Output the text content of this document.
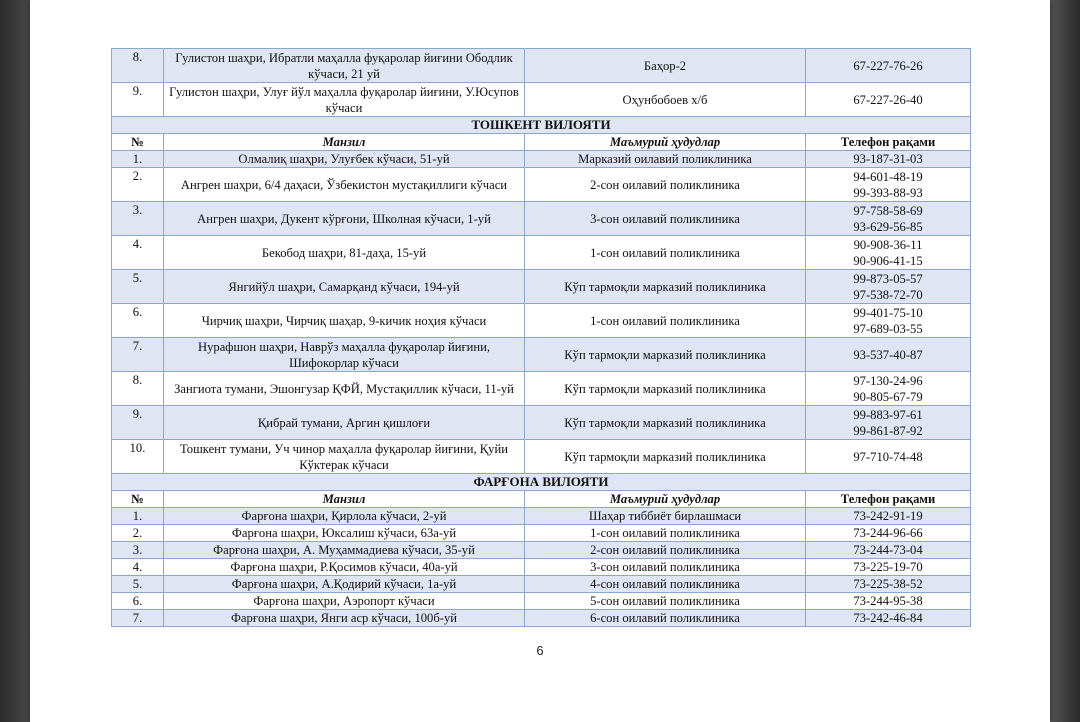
8.	Гулистон шаҳри, Ибратли маҳалла фуқаролар йиғини Ободлик кўчаси, 21 уй	Баҳор-2	67-227-76-26
9.	Гулистон шаҳри, Улуғ йўл маҳалла фуқаролар йиғини, У.Юсупов кўчаси	Оҳунбобоев х/б	67-227-26-40
ТОШКЕНТ ВИЛОЯТИ			
№	Манзил	Маъмурий ҳудудлар	Телефон рақами
1.	Олмалиқ шаҳри, Улуғбек кўчаси, 51-уй	Марказий оилавий поликлиника	93-187-31-03
2.	Ангрен шаҳри, 6/4 даҳаси, Ўзбекистон мустақиллиги кўчаси	2-сон оилавий поликлиника	94-601-48-19
99-393-88-93
3.	Ангрен шаҳри, Дукент кўрғони, Школная кўчаси, 1-уй	3-сон оилавий поликлиника	97-758-58-69
93-629-56-85
4.	Бекобод шаҳри, 81-даҳа, 15-уй	1-сон оилавий поликлиника	90-908-36-11
90-906-41-15
5.	Янгийўл шаҳри, Самарқанд кўчаси, 194-уй	Кўп тармоқли марказий поликлиника	99-873-05-57
97-538-72-70
6.	Чирчиқ шаҳри, Чирчиқ шаҳар, 9-кичик ноҳия кўчаси	1-сон оилавий поликлиника	99-401-75-10
97-689-03-55
7.	Нурафшон шаҳри, Наврўз маҳалла фуқаролар йиғини, Шифокорлар кўчаси	Кўп тармоқли марказий поликлиника	93-537-40-87
8.	Зангиота тумани, Эшонгузар ҚФЙ, Мустақиллик кўчаси, 11-уй	Кўп тармоқли марказий поликлиника	97-130-24-96
90-805-67-79
9.	Қибрай тумани, Аргин қишлоғи	Кўп тармоқли марказий поликлиника	99-883-97-61
99-861-87-92
10.	Тошкент тумани, Уч чинор маҳалла фуқаролар йиғини, Қуйи Кўктерак кўчаси	Кўп тармоқли марказий поликлиника	97-710-74-48
ФАРҒОНА ВИЛОЯТИ			
№	Манзил	Маъмурий ҳудудлар	Телефон рақами
1.	Фарғона шаҳри, Қирлола кўчаси, 2-уй	Шаҳар тиббиёт бирлашмаси	73-242-91-19
2.	Фарғона шаҳри, Юксалиш кўчаси, 63а-уй	1-сон оилавий поликлиника	73-244-96-66
3.	Фарғона шаҳри, А. Муҳаммадиева кўчаси, 35-уй	2-сон оилавий поликлиника	73-244-73-04
4.	Фарғона шаҳри, Р.Қосимов кўчаси, 40а-уй	3-сон оилавий поликлиника	73-225-19-70
5.	Фарғона шаҳри, А.Қодирий кўчаси, 1а-уй	4-сон оилавий поликлиника	73-225-38-52
6.	Фарғона шаҳри, Аэропорт кўчаси	5-сон оилавий поликлиника	73-244-95-38
7.	Фарғона шаҳри, Янги аср кўчаси, 100б-уй	6-сон оилавий поликлиника	73-242-46-84
6
